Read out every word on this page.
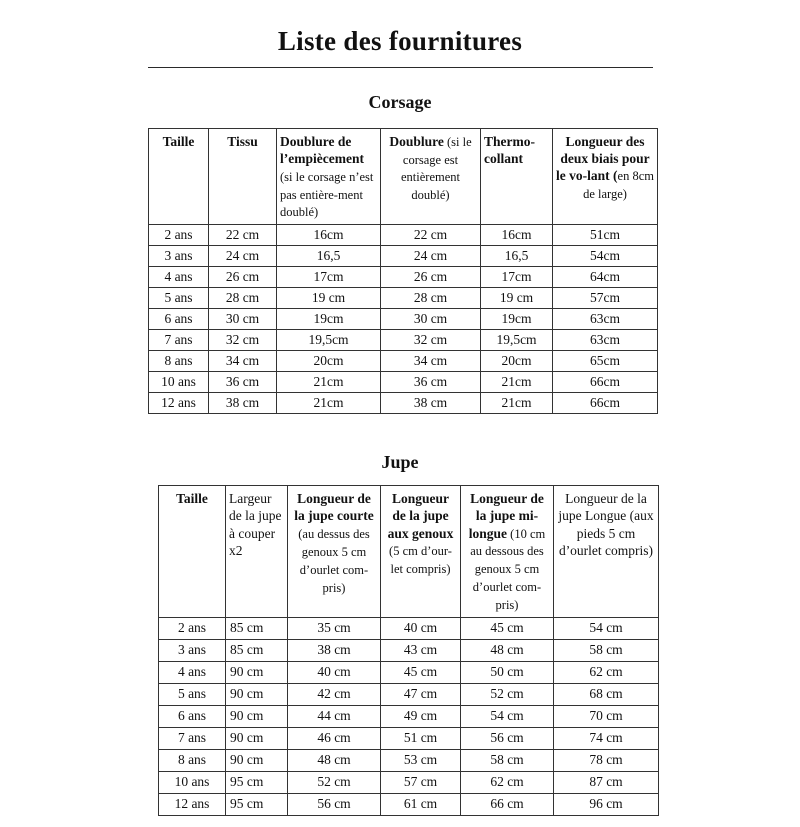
Liste des fournitures
Corsage
Taille	Tissu	Doublure de l’empiècement (si le corsage n’est pas entière-ment doublé)	Doublure (si le corsage est entièrement doublé)	Thermo-collant	Longueur des deux biais pour le vo-lant (en 8cm de large)
2 ans	22 cm	16cm	22 cm	16cm	51cm
3 ans	24 cm	16,5	24 cm	16,5	54cm
4 ans	26 cm	17cm	26 cm	17cm	64cm
5 ans	28 cm	19 cm	28 cm	19 cm	57cm
6 ans	30 cm	19cm	30 cm	19cm	63cm
7 ans	32 cm	19,5cm	32 cm	19,5cm	63cm
8 ans	34 cm	20cm	34 cm	20cm	65cm
10 ans	36 cm	21cm	36 cm	21cm	66cm
12 ans	38 cm	21cm	38 cm	21cm	66cm
Jupe
Taille	Largeur de la jupe à couper x2	Longueur de la jupe courte (au dessus des genoux 5 cm d’ourlet com-pris)	Longueur de la jupe aux genoux (5 cm d’our-let compris)	Longueur de la jupe mi-longue (10 cm au dessous des genoux 5 cm d’ourlet com-pris)	Longueur de la jupe Longue (aux pieds 5 cm d’ourlet compris)
2 ans	85 cm	35 cm	40 cm	45 cm	54 cm
3 ans	85 cm	38 cm	43 cm	48 cm	58 cm
4 ans	90 cm	40 cm	45 cm	50 cm	62 cm
5 ans	90 cm	42 cm	47 cm	52 cm	68 cm
6 ans	90 cm	44 cm	49 cm	54 cm	70 cm
7 ans	90 cm	46 cm	51 cm	56 cm	74 cm
8 ans	90 cm	48 cm	53 cm	58 cm	78 cm
10 ans	95 cm	52 cm	57 cm	62 cm	87 cm
12 ans	95 cm	56 cm	61 cm	66 cm	96 cm
